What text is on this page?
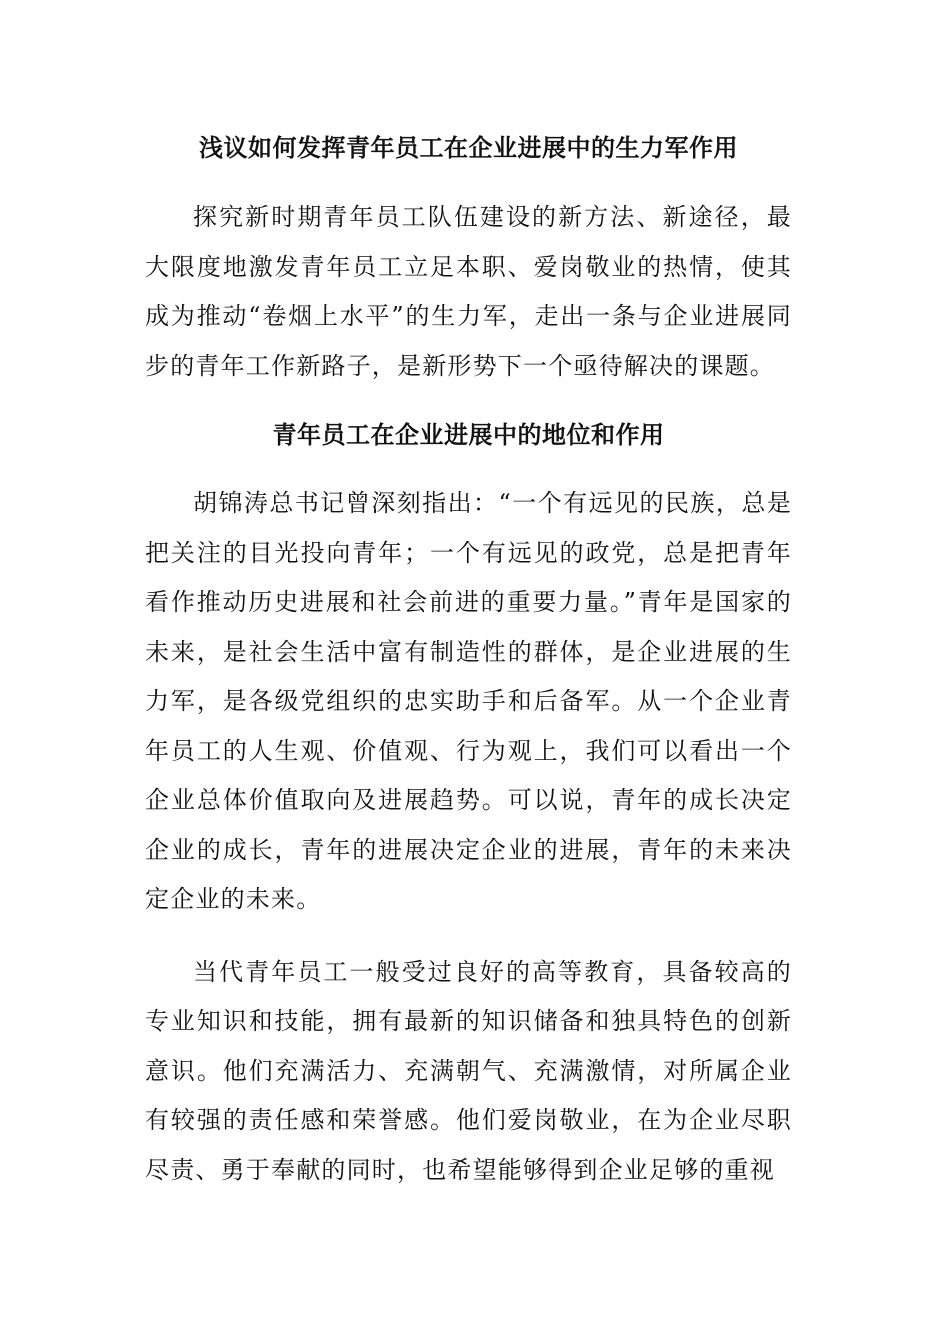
浅议如何发挥青年员工在企业进展中的生力军作用

探究新时期青年员工队伍建设的新方法、新途径，最大限度地激发青年员工立足本职、爱岗敬业的热情，使其成为推动“卷烟上水平”的生力军，走出一条与企业进展同步的青年工作新路子，是新形势下一个亟待解决的课题。

青年员工在企业进展中的地位和作用

胡锦涛总书记曾深刻指出：“一个有远见的民族，总是把关注的目光投向青年；一个有远见的政党，总是把青年看作推动历史进展和社会前进的重要力量。”青年是国家的未来，是社会生活中富有制造性的群体，是企业进展的生力军，是各级党组织的忠实助手和后备军。从一个企业青年员工的人生观、价值观、行为观上，我们可以看出一个企业总体价值取向及进展趋势。可以说，青年的成长决定企业的成长，青年的进展决定企业的进展，青年的未来决定企业的未来。

当代青年员工一般受过良好的高等教育，具备较高的专业知识和技能，拥有最新的知识储备和独具特色的创新意识。他们充满活力、充满朝气、充满激情，对所属企业有较强的责任感和荣誉感。他们爱岗敬业，在为企业尽职尽责、勇于奉献的同时，也希望能够得到企业足够的重视
